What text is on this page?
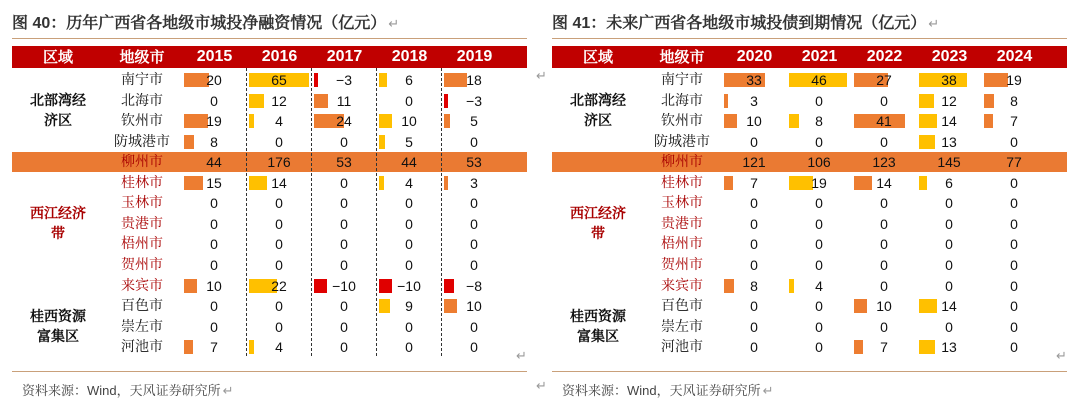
图 40：历年广西省各地级市城投净融资情况（亿元） ↵
区域	地级市	2015	2016	2017	2018	2019
资料来源：Wind，天风证券研究所 ↵
↵
北部湾经
济区
西江经济
带
桂西资源
富集区
南宁市	20	65	−3	6	18
北海市	0	12	11	0	−3
钦州市	19	4	24	10	5
防城港市	8	0	0	5	0
柳州市	44	176	53	44	53
桂林市	15	14	0	4	3
玉林市	0	0	0	0	0
贵港市	0	0	0	0	0
梧州市	0	0	0	0	0
贺州市	0	0	0	0	0
来宾市	10	22	−10	−10	−8
百色市	0	0	0	9	10
崇左市	0	0	0	0	0
河池市	7	4	0	0	0
图 41：未来广西省各地级市城投债到期情况（亿元） ↵
区域	地级市	2020	2021	2022	2023	2024
资料来源：Wind，天风证券研究所 ↵
↵
↵
↵
北部湾经
济区
西江经济
带
桂西资源
富集区
南宁市	33	46	27	38	19
北海市	3	0	0	12	8
钦州市	10	8	41	14	7
防城港市	0	0	0	13	0
柳州市	121	106	123	145	77
桂林市	7	19	14	6	0
玉林市	0	0	0	0	0
贵港市	0	0	0	0	0
梧州市	0	0	0	0	0
贺州市	0	0	0	0	0
来宾市	8	4	0	0	0
百色市	0	0	10	14	0
崇左市	0	0	0	0	0
河池市	0	0	7	13	0
